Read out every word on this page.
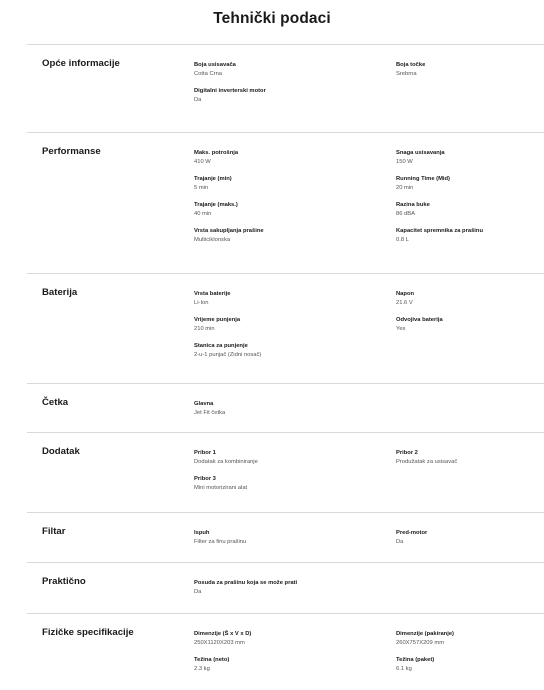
Tehnički podaci
Opće informacije	Boja usisavača
Cotta Crna
Boja točke
Srebrna
Digitalni inverterski motor
Da
Performanse	Maks. potrošnja
410 W
Snaga usisavanja
150 W
Trajanje (min)
5 min
Running Time (Mid)
20 min
Trajanje (maks.)
40 min
Razina buke
86 dBA
Vrsta sakupljanja prašine
Multiciklonska
Kapacitet spremnika za prašinu
0.8 L
Baterija	Vrsta baterije
Li-Ion
Napon
21.6 V
Vrijeme punjenja
210 min
Odvojiva baterija
Yes
Stanica za punjenje
2-u-1 punjač (Zidni nosač)
Četka	Glavna
Jet Fit četka
Dodatak	Pribor 1
Dodatak za kombiniranje
Pribor 2
Produžatak za usisavač
Pribor 3
Mini motorizirani alat
Filtar	Ispuh
Filter za finu prašinu
Pred-motor
Da
Praktično	Posuda za prašinu koja se može prati
Da
Fizičke specifikacije	Dimenzije (Š x V x D)
250X1120X203 mm
Dimenzije (pakiranje)
260X757X209 mm
Težina (neto)
2.3 kg
Težina (paket)
6.1 kg
